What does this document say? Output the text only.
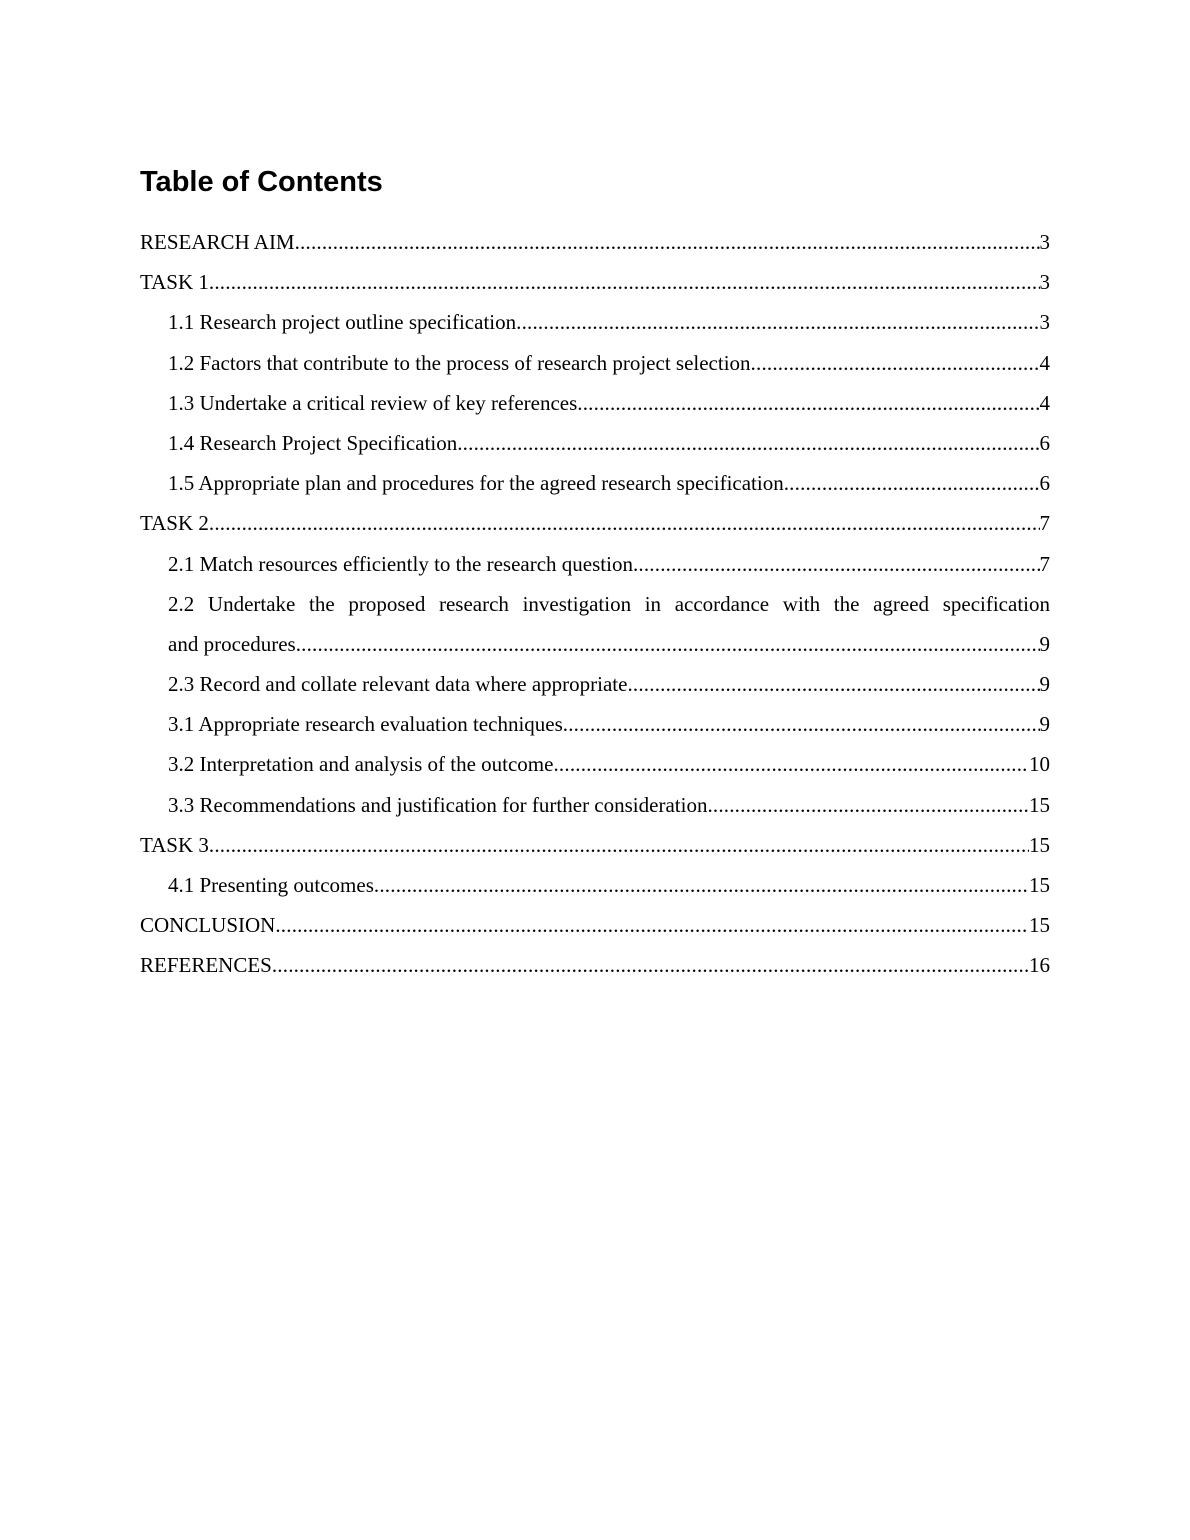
Table of Contents
RESEARCH AIM .....	3
TASK 1 .....	3
1.1 Research project outline specification .....	3
1.2 Factors that contribute to the process of research project selection .....	4
1.3 Undertake a critical review of key references .....	4
1.4 Research Project Specification .....	6
1.5 Appropriate plan and procedures for the agreed research specification .....	6
TASK 2 .....	7
2.1 Match resources efficiently to the research question .....	7
2.2 Undertake the proposed research investigation in accordance with the agreed specification
and procedures .....	9
2.3 Record and collate relevant data where appropriate .....	9
3.1 Appropriate research evaluation techniques .....	9
3.2 Interpretation and analysis of the outcome .....	10
3.3 Recommendations and justification for further consideration .....	15
TASK 3 .....	15
4.1 Presenting outcomes .....	15
CONCLUSION .....	15
REFERENCES .....	16
